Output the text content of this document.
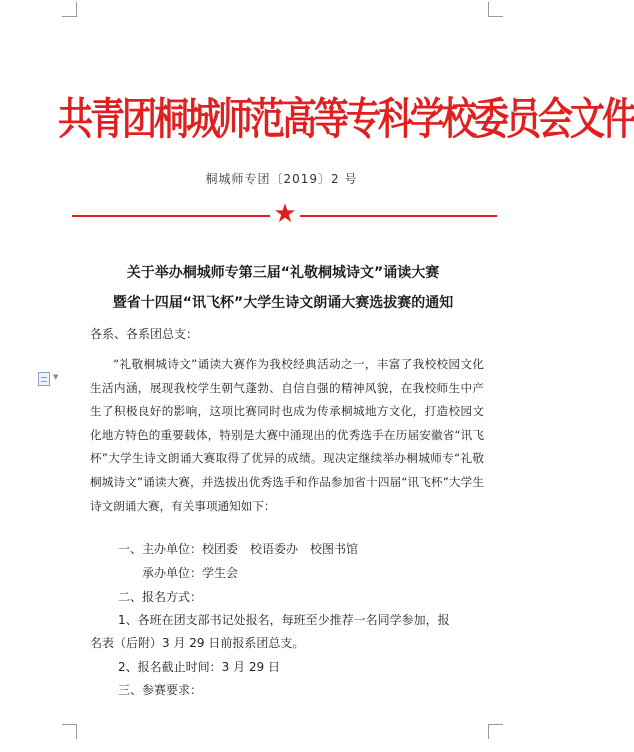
共青团桐城师范高等专科学校委员会文件
桐城师专团〔2019〕2 号
★
关于举办桐城师专第三届“礼敬桐城诗文”诵读大赛
暨省十四届“讯飞杯”大学生诗文朗诵大赛选拔赛的通知
各系、各系团总支：
▼

“礼敬桐城诗文”诵读大赛作为我校经典活动之一，丰富了我校校园文化生活内涵，展现我校学生朝气蓬勃、自信自强的精神风貌，在我校师生中产生了积极良好的影响，这项比赛同时也成为传承桐城地方文化，打造校园文化地方特色的重要载体，特别是大赛中涌现出的优秀选手在历届安徽省“讯飞杯”大学生诗文朗诵大赛取得了优异的成绩。现决定继续举办桐城师专“礼敬桐城诗文”诵读大赛，并选拔出优秀选手和作品参加省十四届“讯飞杯”大学生诗文朗诵大赛，有关事项通知如下：

一、主办单位：校团委　校语委办　校图书馆
承办单位：学生会
二、报名方式：
1、各班在团支部书记处报名，每班至少推荐一名同学参加，报
名表（后附）3 月 29 日前报系团总支。
2、报名截止时间：3 月 29 日
三、参赛要求：
